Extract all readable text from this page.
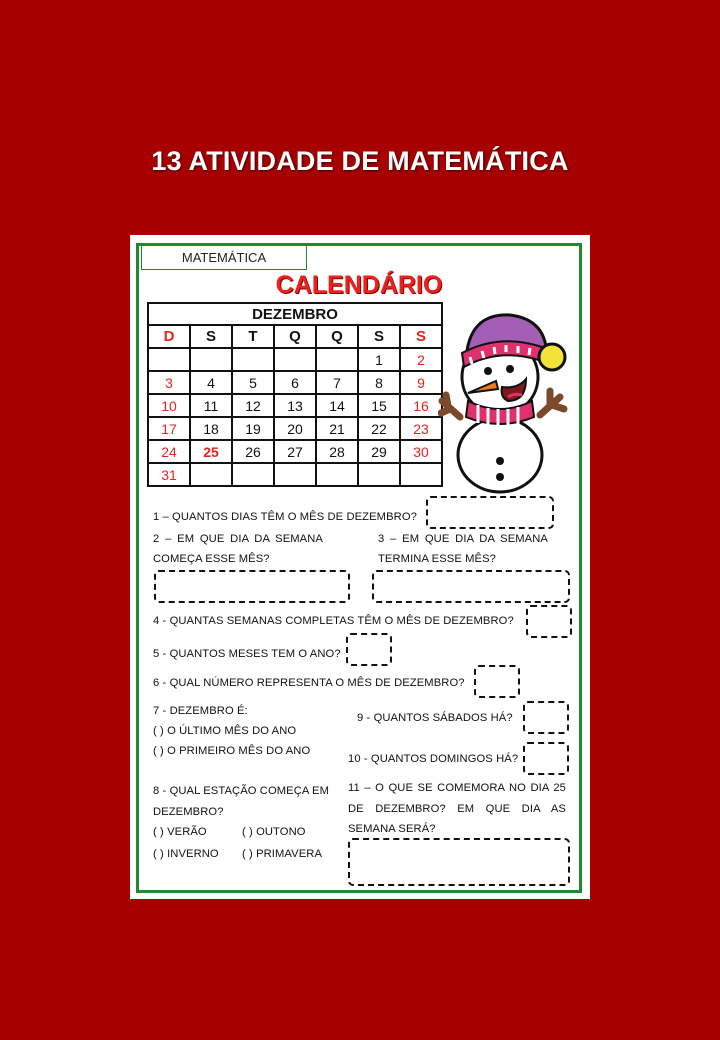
13 ATIVIDADE DE MATEMÁTICA
MATEMÁTICA
CALENDÁRIO
DEZEMBRO						
D	S	T	Q	Q	S	S
					1	2
3	4	5	6	7	8	9
10	11	12	13	14	15	16
17	18	19	20	21	22	23
24	25	26	27	28	29	30
31						
1 – QUANTOS DIAS TÊM O MÊS DE DEZEMBRO?
2 – EM QUE DIA DA SEMANA
COMEÇA ESSE MÊS?
3 – EM QUE DIA DA SEMANA
TERMINA ESSE MÊS?
4 - QUANTAS SEMANAS COMPLETAS TÊM O MÊS DE DEZEMBRO?
5 - QUANTOS MESES TEM O ANO?
6 - QUAL NÚMERO REPRESENTA O MÊS DE DEZEMBRO?
7 - DEZEMBRO É:
( ) O ÚLTIMO MÊS DO ANO
( ) O PRIMEIRO MÊS DO ANO
9 - QUANTOS SÁBADOS HÁ?
10 - QUANTOS DOMINGOS HÁ?
8 - QUAL ESTAÇÃO COMEÇA EM
DEZEMBRO?
( ) VERÃO	( ) OUTONO
( ) INVERNO ( ) PRIMAVERA
11 – O QUE SE COMEMORA NO DIA 25
DE DEZEMBRO? EM QUE DIA AS
SEMANA SERÁ?
